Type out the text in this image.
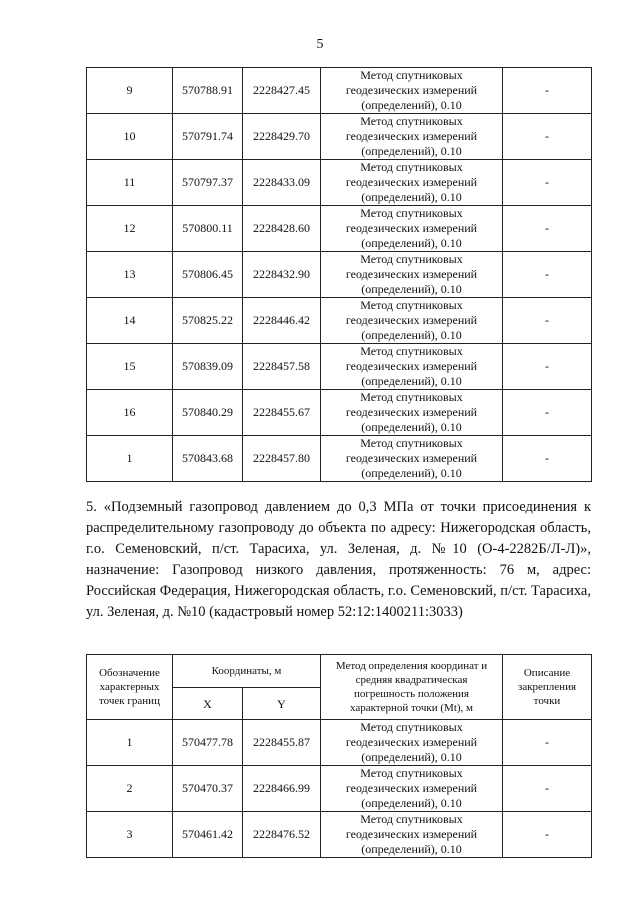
5
9	570788.91	2228427.45	Метод спутниковых
геодезических измерений
(определений), 0.10	-
10	570791.74	2228429.70	Метод спутниковых
геодезических измерений
(определений), 0.10	-
11	570797.37	2228433.09	Метод спутниковых
геодезических измерений
(определений), 0.10	-
12	570800.11	2228428.60	Метод спутниковых
геодезических измерений
(определений), 0.10	-
13	570806.45	2228432.90	Метод спутниковых
геодезических измерений
(определений), 0.10	-
14	570825.22	2228446.42	Метод спутниковых
геодезических измерений
(определений), 0.10	-
15	570839.09	2228457.58	Метод спутниковых
геодезических измерений
(определений), 0.10	-
16	570840.29	2228455.67	Метод спутниковых
геодезических измерений
(определений), 0.10	-
1	570843.68	2228457.80	Метод спутниковых
геодезических измерений
(определений), 0.10	-

5. «Подземный газопровод давлением до 0,3 МПа от точки присоединения к распределительному газопроводу до объекта по адресу: Нижегородская область, г.о. Семеновский, п/ст. Тарасиха, ул. Зеленая, д. №10 (О-4-2282Б/Л-Л)», назначение: Газопровод низкого давления, протяженность: 76 м, адрес: Российская Федерация, Нижегородская область, г.о. Семеновский, п/ст. Тарасиха, ул. Зеленая, д. №10 (кадастровый номер 52:12:1400211:3033)

Обозначение
характерных
точек границ	Координаты, м		Метод определения координат и
средняя квадратическая
погрешность положения
характерной точки (Mt), м	Описание
закрепления
точки

	X	Y		
1	570477.78	2228455.87	Метод спутниковых
геодезических измерений
(определений), 0.10	-
2	570470.37	2228466.99	Метод спутниковых
геодезических измерений
(определений), 0.10	-
3	570461.42	2228476.52	Метод спутниковых
геодезических измерений
(определений), 0.10	-
